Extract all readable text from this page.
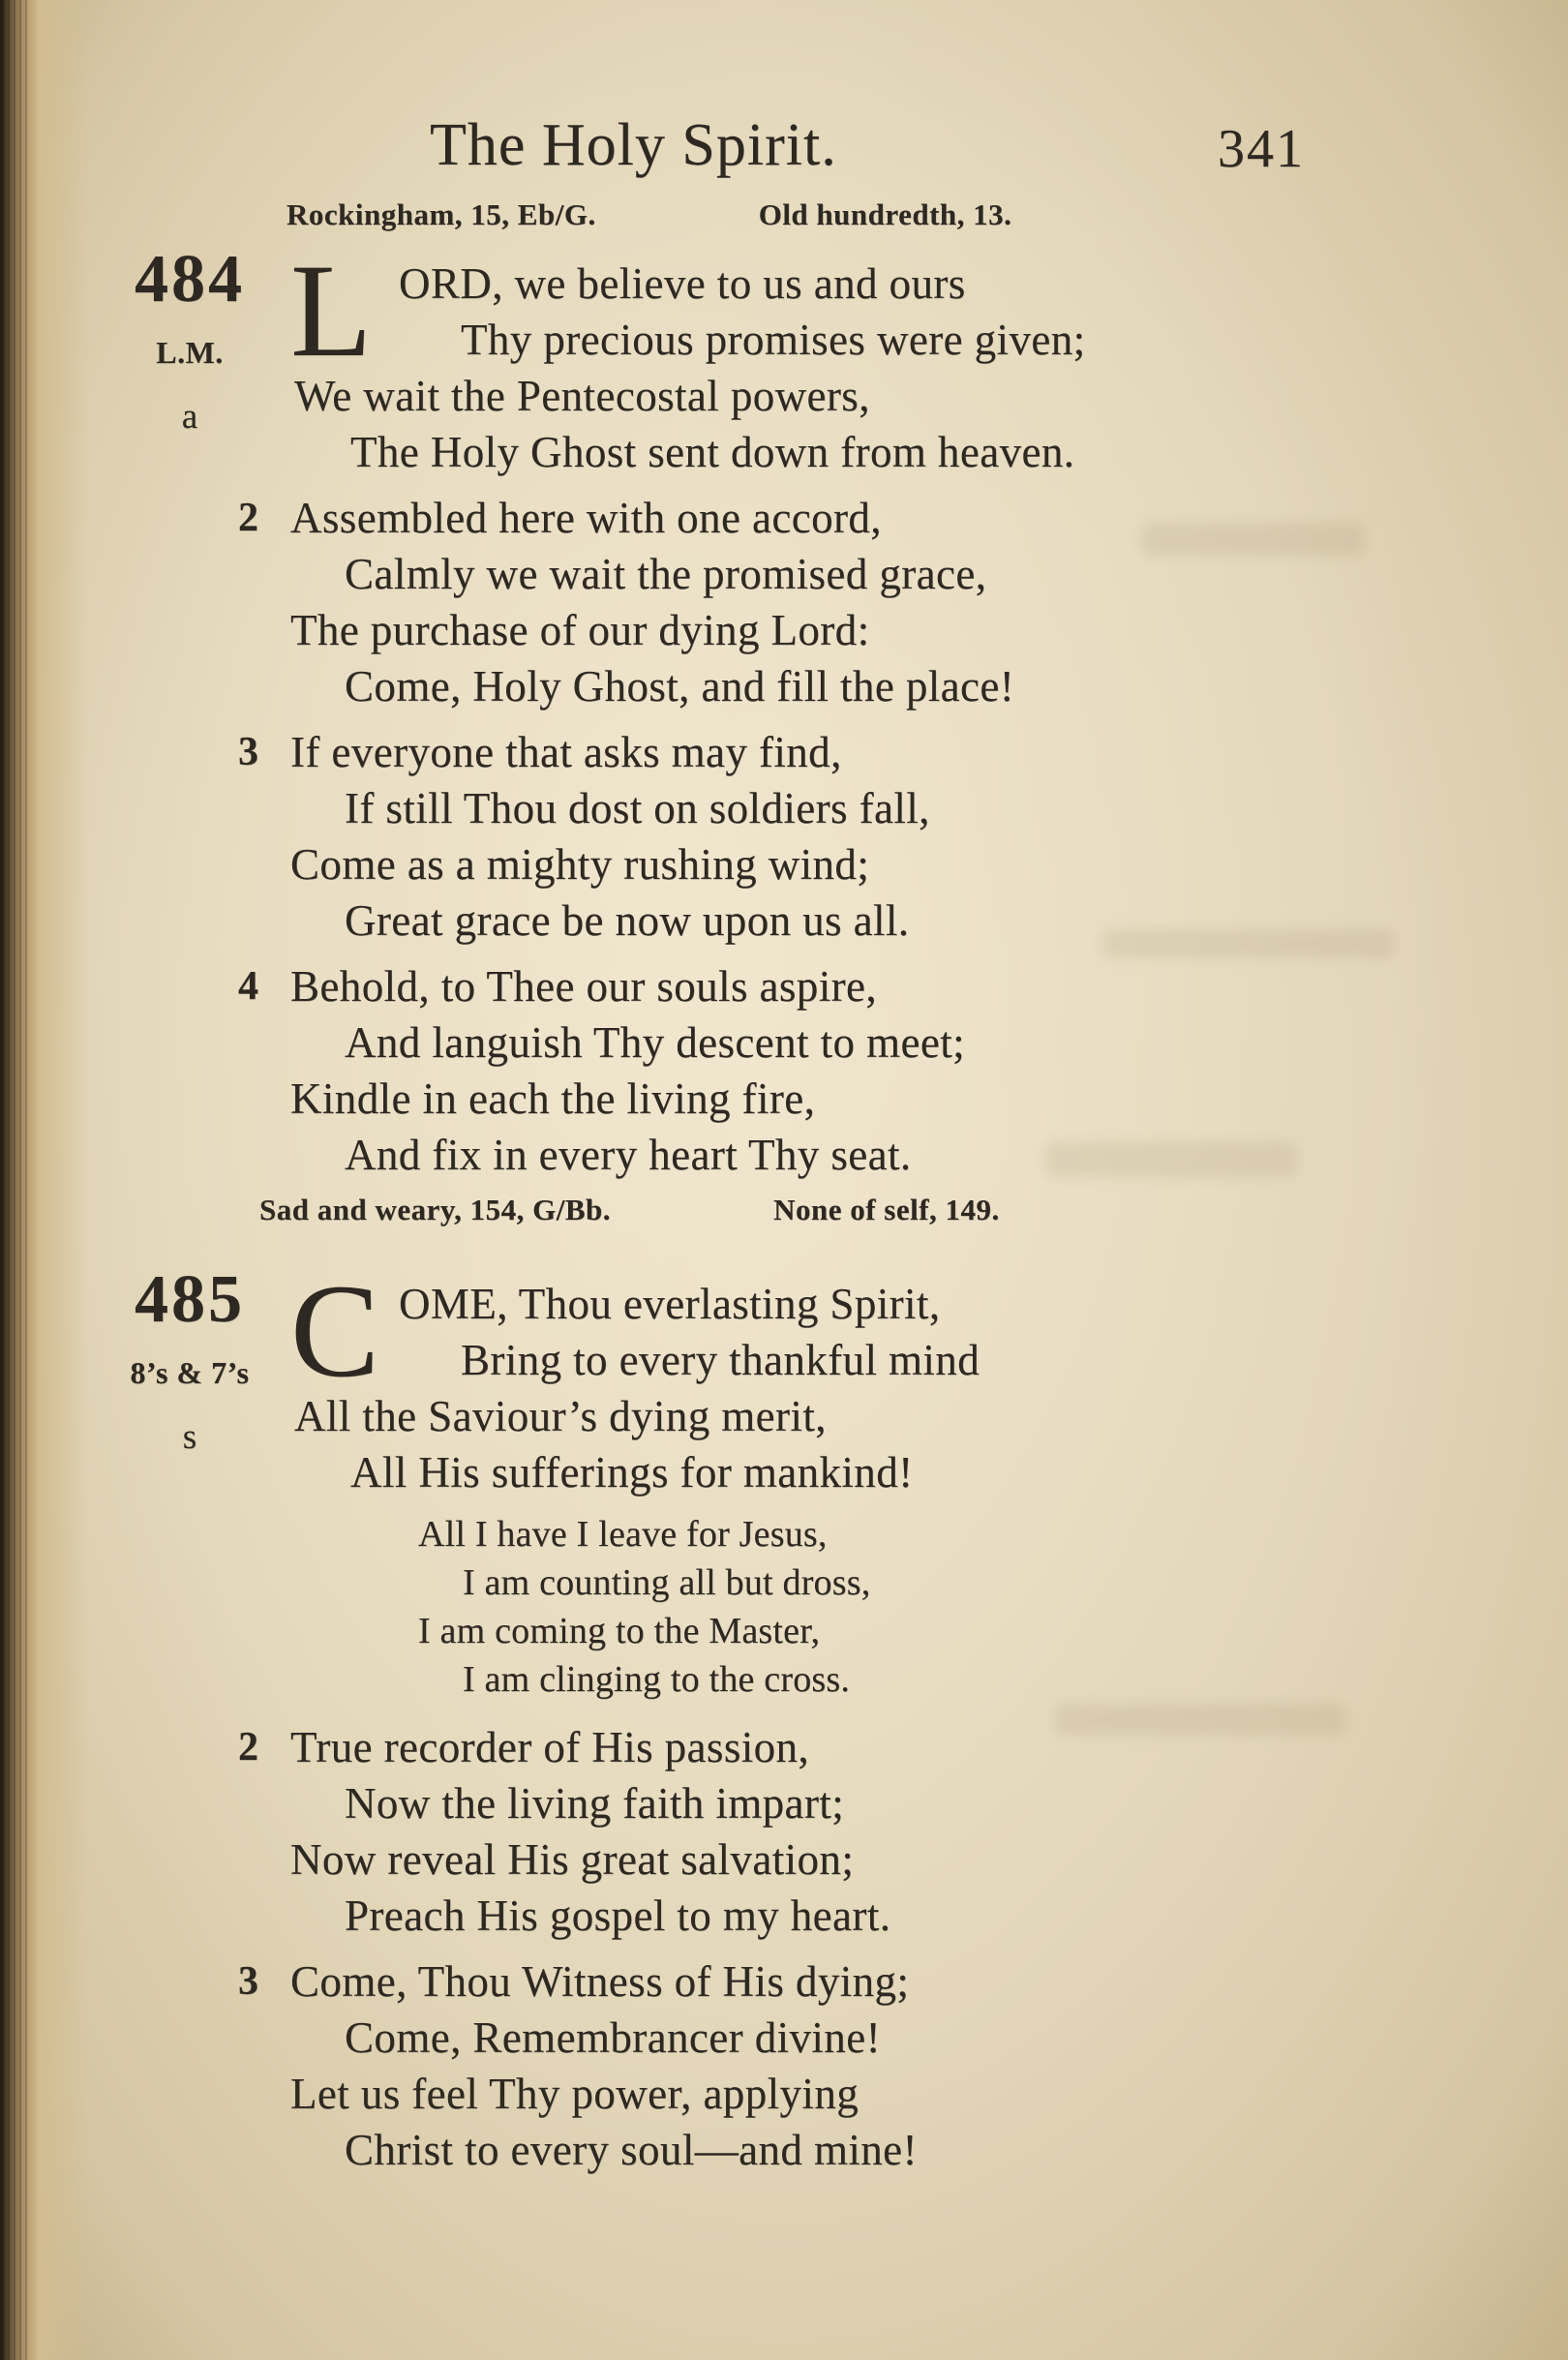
The Holy Spirit.	341
Rockingham, 15, Eb/G.	Old hundredth, 13.
484
L.M.
a
L ORD, we believe to us and ours
Thy precious promises were given;
We wait the Pentecostal powers,
The Holy Ghost sent down from heaven.
2 Assembled here with one accord,
Calmly we wait the promised grace,
The purchase of our dying Lord:
Come, Holy Ghost, and fill the place!
3 If everyone that asks may find,
If still Thou dost on soldiers fall,
Come as a mighty rushing wind;
Great grace be now upon us all.
4 Behold, to Thee our souls aspire,
And languish Thy descent to meet;
Kindle in each the living fire,
And fix in every heart Thy seat.
Sad and weary, 154, G/Bb.	None of self, 149.
485
8’s & 7’s
s
C OME, Thou everlasting Spirit,
Bring to every thankful mind
All the Saviour’s dying merit,
All His sufferings for mankind!
All I have I leave for Jesus,
I am counting all but dross,
I am coming to the Master,
I am clinging to the cross.
2 True recorder of His passion,
Now the living faith impart;
Now reveal His great salvation;
Preach His gospel to my heart.
3 Come, Thou Witness of His dying;
Come, Remembrancer divine!
Let us feel Thy power, applying
Christ to every soul—and mine!
